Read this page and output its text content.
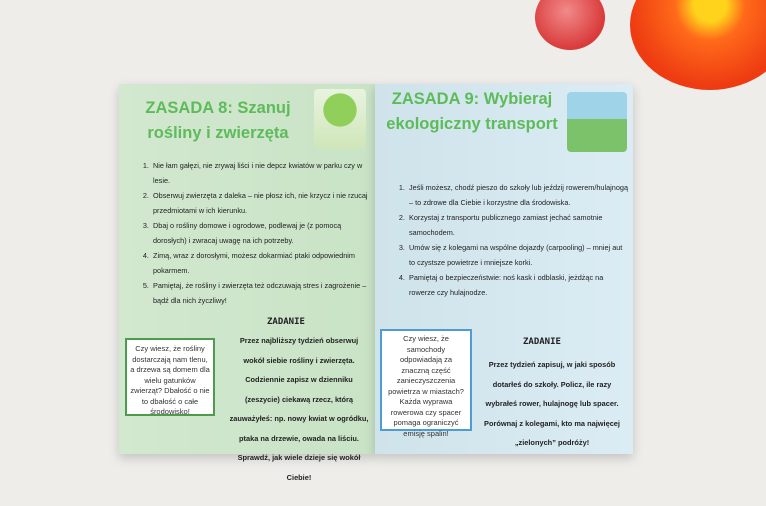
ZASADA 8: Szanuj rośliny i zwierzęta
1. Nie łam gałęzi, nie zrywaj liści i nie depcz kwiatów w parku czy w lesie.
2. Obserwuj zwierzęta z daleka – nie płosz ich, nie krzycz i nie rzucaj przedmiotami w ich kierunku.
3. Dbaj o rośliny domowe i ogrodowe, podlewaj je (z pomocą dorosłych) i zwracaj uwagę na ich potrzeby.
4. Zimą, wraz z dorosłymi, możesz dokarmiać ptaki odpowiednim pokarmem.
5. Pamiętaj, że rośliny i zwierzęta też odczuwają stres i zagrożenie – bądź dla nich życzliwy!
ZADANIE
Czy wiesz, że rośliny dostarczają nam tlenu, a drzewa są domem dla wielu gatunków zwierząt? Dbałość o nie to dbałość o całe środowisko!
Przez najbliższy tydzień obserwuj wokół siebie rośliny i zwierzęta. Codziennie zapisz w dzienniku (zeszycie) ciekawą rzecz, którą zauważyłeś: np. nowy kwiat w ogródku, ptaka na drzewie, owada na liściu. Sprawdź, jak wiele dzieje się wokół Ciebie!
ZASADA 9: Wybieraj ekologiczny transport
1. Jeśli możesz, chodź pieszo do szkoły lub jeździj rowerem/hulajnogą – to zdrowe dla Ciebie i korzystne dla środowiska.
2. Korzystaj z transportu publicznego zamiast jechać samotnie samochodem.
3. Umów się z kolegami na wspólne dojazdy (carpooling) – mniej aut to czystsze powietrze i mniejsze korki.
4. Pamiętaj o bezpieczeństwie: noś kask i odblaski, jeżdżąc na rowerze czy hulajnodze.
ZADANIE
Czy wiesz, że samochody odpowiadają za znaczną część zanieczyszczenia powietrza w miastach? Każda wyprawa rowerowa czy spacer pomaga ograniczyć emisję spalin!
Przez tydzień zapisuj, w jaki sposób dotarłeś do szkoły. Policz, ile razy wybrałeś rower, hulajnogę lub spacer. Porównaj z kolegami, kto ma najwięcej „zielonych” podróży!
